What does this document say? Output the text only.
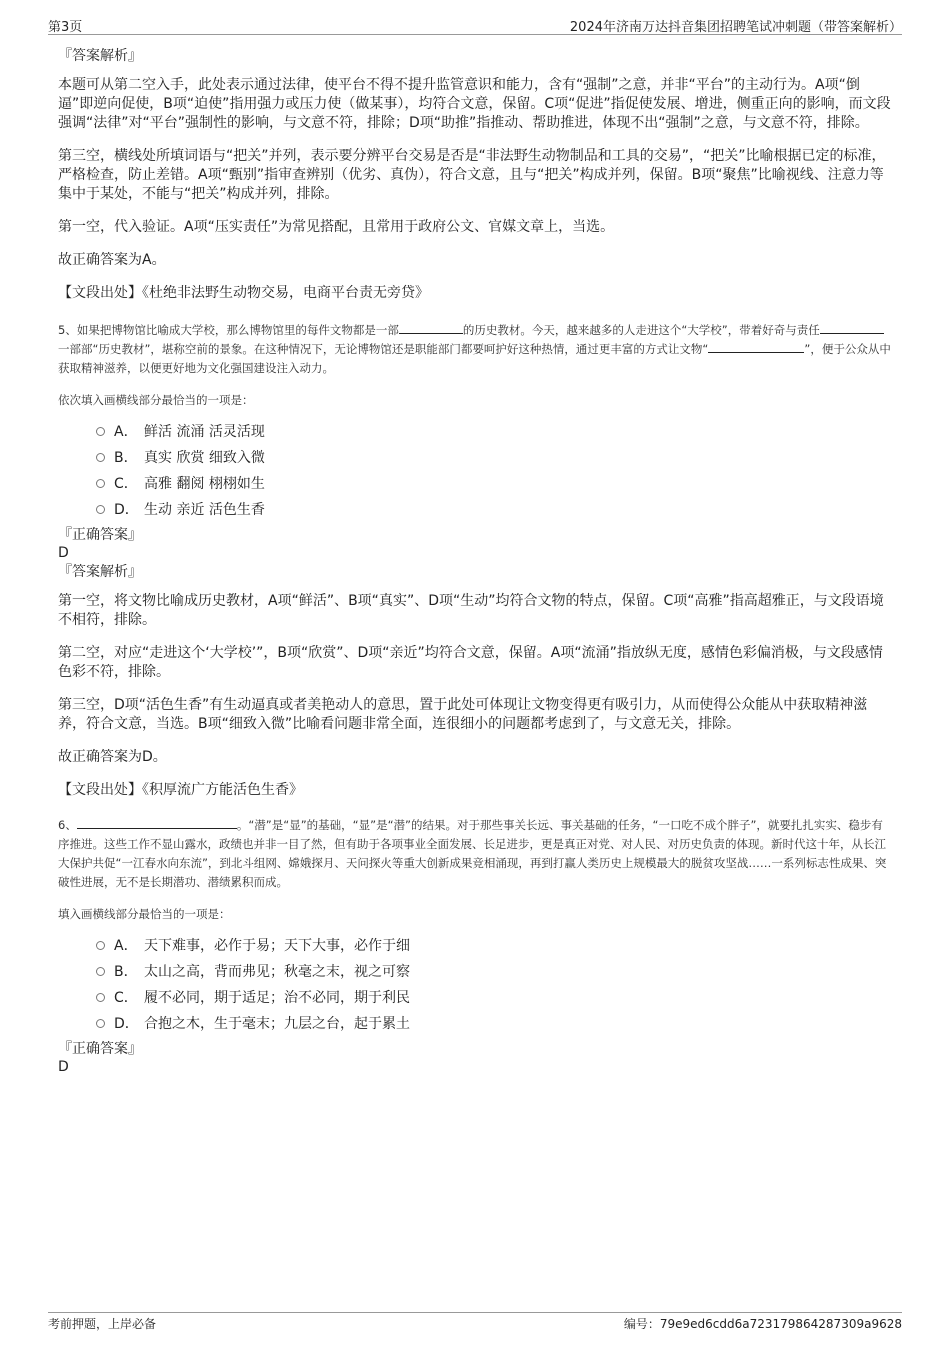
第3页	2024年济南万达抖音集团招聘笔试冲刺题（带答案解析）

『答案解析』

本题可从第二空入手，此处表示通过法律，使平台不得不提升监管意识和能力，含有“强制”之意，并非“平台”的主动行为。A项“倒逼”即逆向促使，B项“迫使”指用强力或压力使（做某事），均符合文意，保留。C项“促进”指促使发展、增进，侧重正向的影响，而文段强调“法律”对“平台”强制性的影响，与文意不符，排除；D项“助推”指推动、帮助推进，体现不出“强制”之意，与文意不符，排除。

第三空，横线处所填词语与“把关”并列，表示要分辨平台交易是否是“非法野生动物制品和工具的交易”，“把关”比喻根据已定的标准，严格检查，防止差错。A项“甄别”指审查辨别（优劣、真伪），符合文意，且与“把关”构成并列，保留。B项“聚焦”比喻视线、注意力等集中于某处，不能与“把关”构成并列，排除。

第一空，代入验证。A项“压实责任”为常见搭配，且常用于政府公文、官媒文章上，当选。

故正确答案为A。

【文段出处】《杜绝非法野生动物交易，电商平台责无旁贷》

5、如果把博物馆比喻成大学校，那么博物馆里的每件文物都是一部	的历史教材。今天，越来越多的人走进这个“大学校”，带着好奇与责任一部部“历史教材”，堪称空前的景象。在这种情况下，无论博物馆还是职能部门都要呵护好这种热情，通过更丰富的方式让文物“	”，便于公众从中获取精神滋养，以便更好地为文化强国建设注入动力。

依次填入画横线部分最恰当的一项是：

A． 鲜活 流涌 活灵活现
B． 真实 欣赏 细致入微
C． 高雅 翻阅 栩栩如生
D． 生动 亲近 活色生香

『正确答案』

D

『答案解析』

第一空，将文物比喻成历史教材，A项“鲜活”、B项“真实”、D项“生动”均符合文物的特点，保留。C项“高雅”指高超雅正，与文段语境不相符，排除。

第二空，对应“走进这个‘大学校’”，B项“欣赏”、D项“亲近”均符合文意，保留。A项“流涌”指放纵无度，感情色彩偏消极，与文段感情色彩不符，排除。

第三空，D项“活色生香”有生动逼真或者美艳动人的意思，置于此处可体现让文物变得更有吸引力，从而使得公众能从中获取精神滋养，符合文意，当选。B项“细致入微”比喻看问题非常全面，连很细小的问题都考虑到了，与文意无关，排除。

故正确答案为D。

【文段出处】《积厚流广方能活色生香》

6、	。“潜”是“显”的基础，“显”是“潜”的结果。对于那些事关长远、事关基础的任务，“一口吃不成个胖子”，就要扎扎实实、稳步有序推进。这些工作不显山露水，政绩也并非一目了然，但有助于各项事业全面发展、长足进步，更是真正对党、对人民、对历史负责的体现。新时代这十年，从长江大保护共促“一江春水向东流”，到北斗组网、嫦娥探月、天问探火等重大创新成果竞相涌现，再到打赢人类历史上规模最大的脱贫攻坚战……一系列标志性成果、突破性进展，无不是长期潜功、潜绩累积而成。

填入画横线部分最恰当的一项是：

A． 天下难事，必作于易；天下大事，必作于细
B． 太山之高，背而弗见；秋毫之末，视之可察
C． 履不必同，期于适足；治不必同，期于利民
D． 合抱之木，生于毫末；九层之台，起于累土

『正确答案』

D

考前押题，上岸必备	编号：79e9ed6cdd6a723179864287309a9628
